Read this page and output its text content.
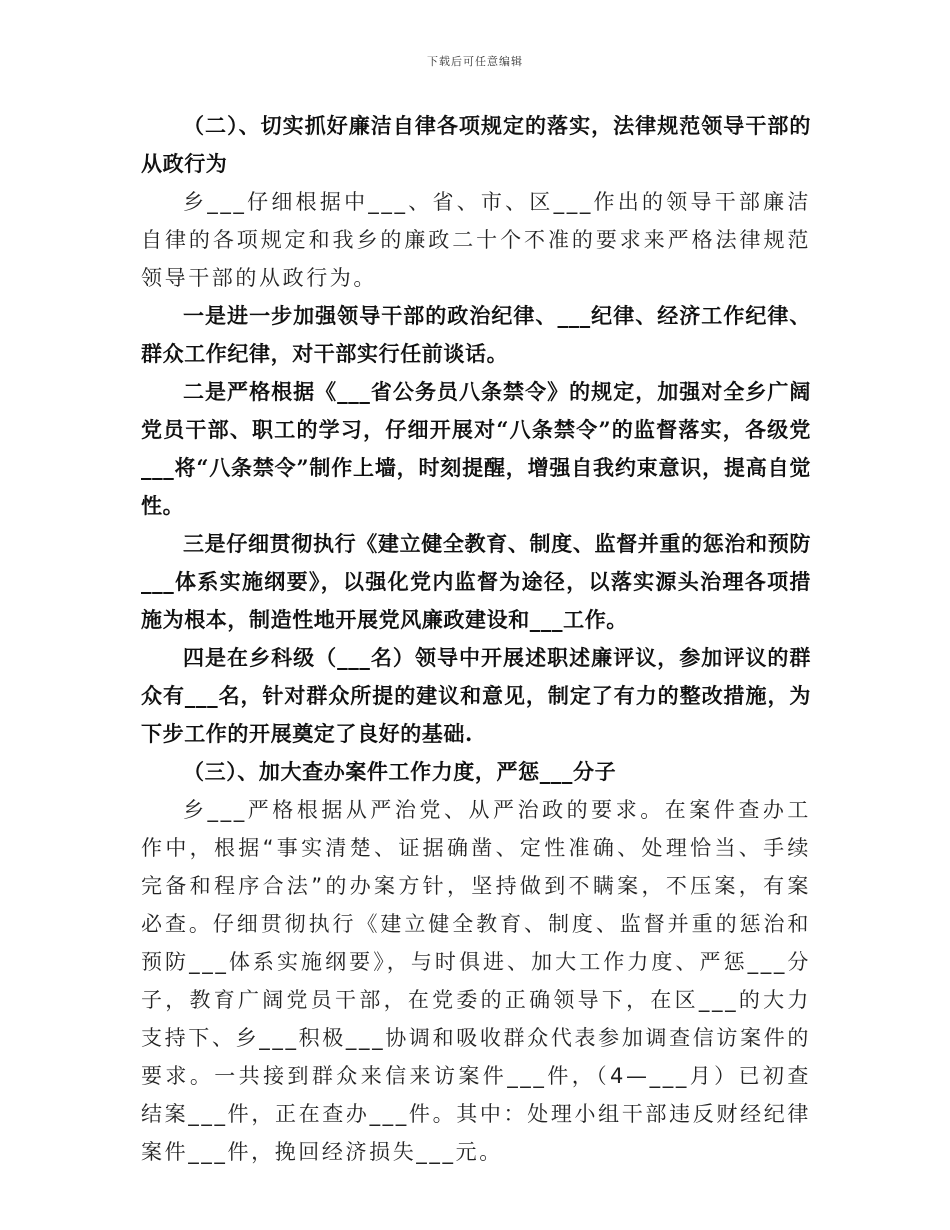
下载后可任意编辑

（二）、切实抓好廉洁自律各项规定的落实，法律规范领导干部的从政行为

乡___仔细根据中___、省、市、区___作出的领导干部廉洁自律的各项规定和我乡的廉政二十个不准的要求来严格法律规范领导干部的从政行为。

一是进一步加强领导干部的政治纪律、___纪律、经济工作纪律、群众工作纪律，对干部实行任前谈话。

二是严格根据《___省公务员八条禁令》的规定，加强对全乡广阔党员干部、职工的学习，仔细开展对“八条禁令”的监督落实，各级党___将“八条禁令”制作上墙，时刻提醒，增强自我约束意识，提高自觉性。

三是仔细贯彻执行《建立健全教育、制度、监督并重的惩治和预防___体系实施纲要》，以强化党内监督为途径，以落实源头治理各项措施为根本，制造性地开展党风廉政建设和___工作。

四是在乡科级（___名）领导中开展述职述廉评议，参加评议的群众有___名，针对群众所提的建议和意见，制定了有力的整改措施，为下步工作的开展奠定了良好的基础.

（三）、加大查办案件工作力度，严惩___分子

乡___严格根据从严治党、从严治政的要求。在案件查办工作中，根据“事实清楚、证据确凿、定性准确、处理恰当、手续完备和程序合法”的办案方针，坚持做到不瞒案，不压案，有案必查。仔细贯彻执行《建立健全教育、制度、监督并重的惩治和预防___体系实施纲要》，与时俱进、加大工作力度、严惩___分子，教育广阔党员干部，在党委的正确领导下，在区___的大力支持下、乡___积极___协调和吸收群众代表参加调查信访案件的要求。一共接到群众来信来访案件___件，（4—___月）已初查结案___件，正在查办___件。其中：处理小组干部违反财经纪律案件___件，挽回经济损失___元。
